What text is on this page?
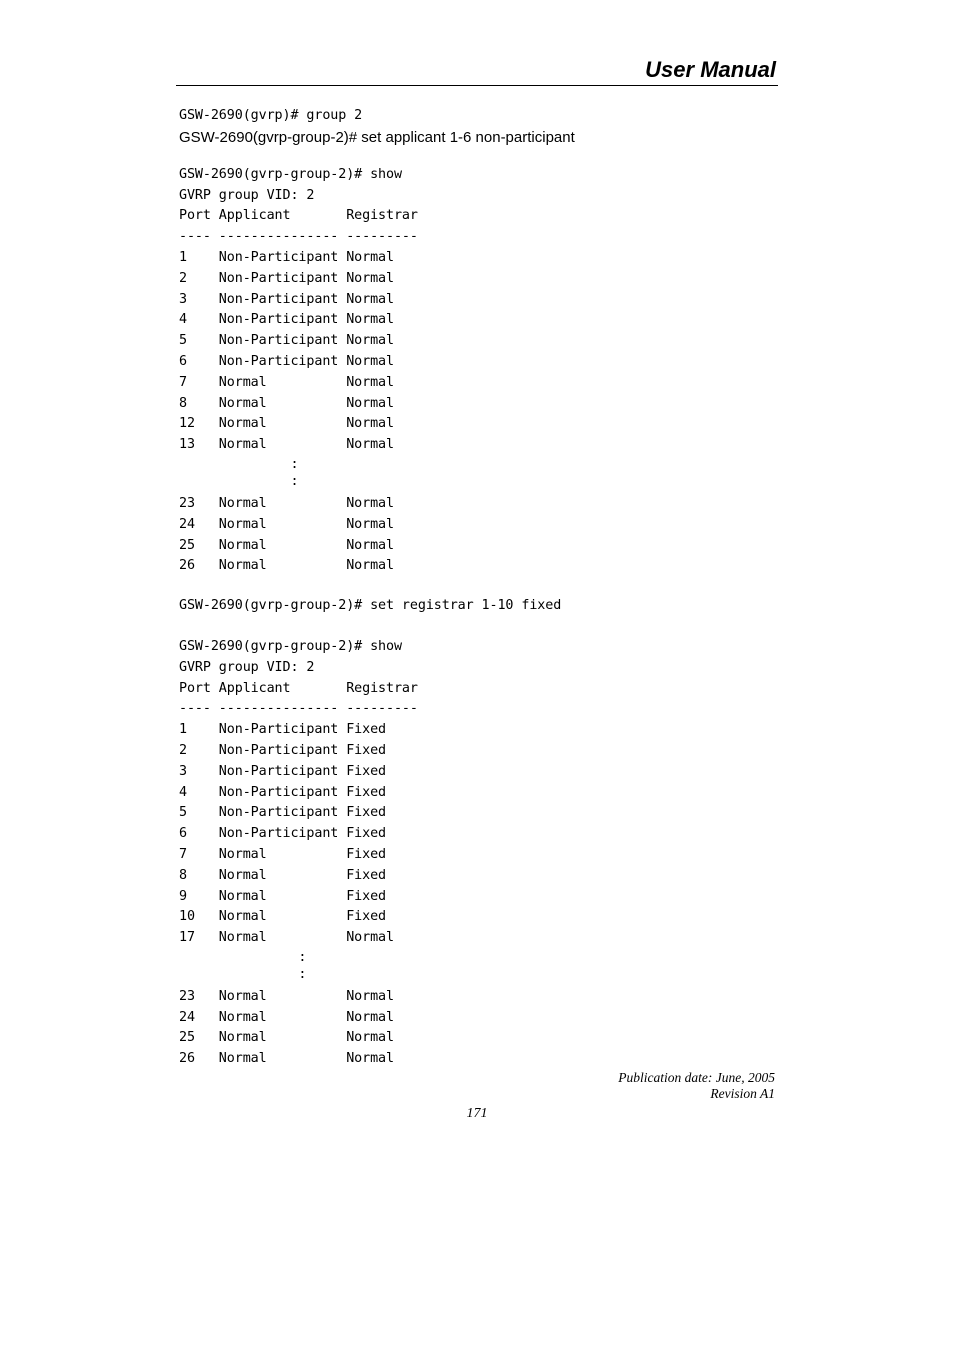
User Manual
GSW-2690(gvrp)# group 2
GSW-2690(gvrp-group-2)# set applicant 1-6 non-participant
GSW-2690(gvrp-group-2)# show
GVRP group VID: 2
Port Applicant       Registrar
---- --------------- ---------
1    Non-Participant Normal
2    Non-Participant Normal
3    Non-Participant Normal
4    Non-Participant Normal
5    Non-Participant Normal
6    Non-Participant Normal
7    Normal          Normal
8    Normal          Normal
12   Normal          Normal
13   Normal          Normal
:
:
23   Normal          Normal
24   Normal          Normal
25   Normal          Normal
26   Normal          Normal
GSW-2690(gvrp-group-2)# set registrar 1-10 fixed
GSW-2690(gvrp-group-2)# show
GVRP group VID: 2
Port Applicant       Registrar
---- --------------- ---------
1    Non-Participant Fixed
2    Non-Participant Fixed
3    Non-Participant Fixed
4    Non-Participant Fixed
5    Non-Participant Fixed
6    Non-Participant Fixed
7    Normal          Fixed
8    Normal          Fixed
9    Normal          Fixed
10   Normal          Fixed
17   Normal          Normal
:
:
23   Normal          Normal
24   Normal          Normal
25   Normal          Normal
26   Normal          Normal
Publication date: June, 2005
Revision A1
171
